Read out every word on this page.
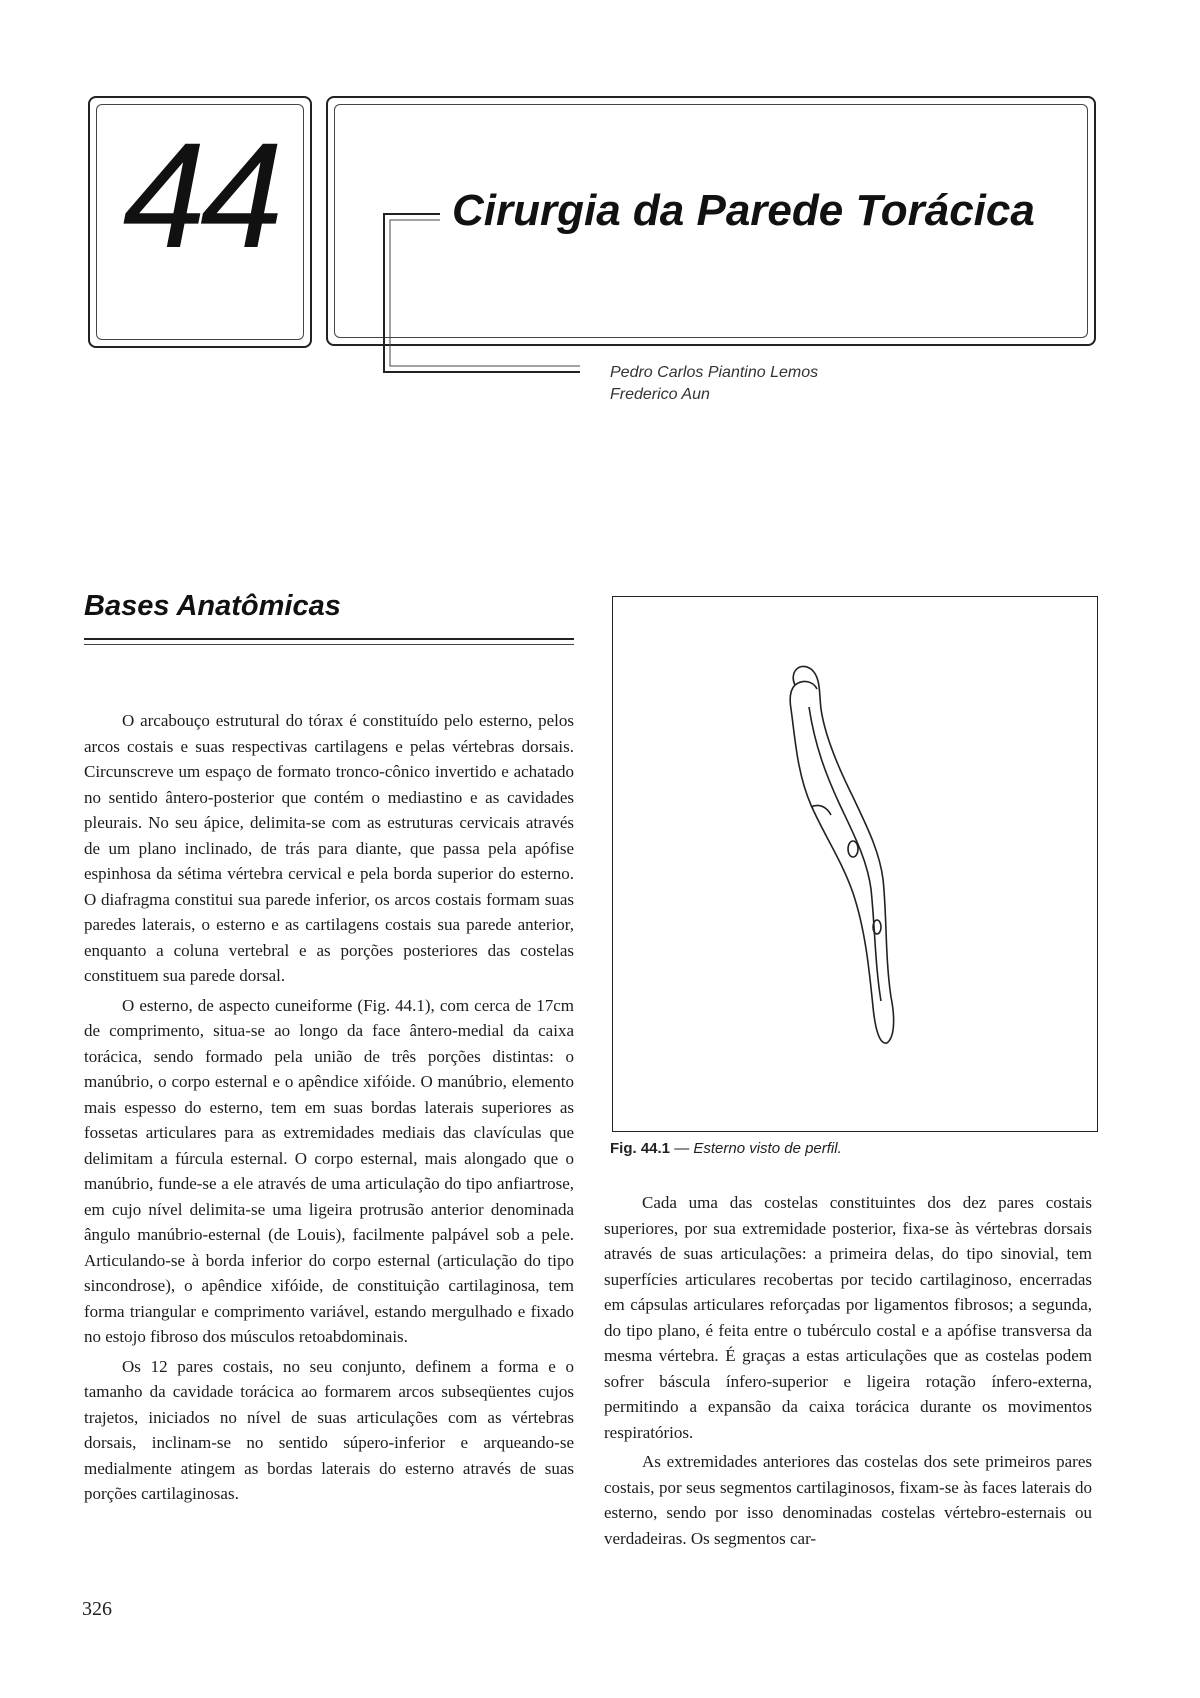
44	Cirurgia da Parede Torácica
Pedro Carlos Piantino Lemos
Frederico Aun
Bases Anatômicas

O arcabouço estrutural do tórax é constituído pelo esterno, pelos arcos costais e suas respectivas cartilagens e pelas vértebras dorsais. Circunscreve um espaço de formato tronco-cônico invertido e achatado no sentido ântero-posterior que contém o mediastino e as cavidades pleurais. No seu ápice, delimita-se com as estruturas cervicais através de um plano inclinado, de trás para diante, que passa pela apófise espinhosa da sétima vértebra cervical e pela borda superior do esterno. O diafragma constitui sua parede inferior, os arcos costais formam suas paredes laterais, o esterno e as cartilagens costais sua parede anterior, enquanto a coluna vertebral e as porções posteriores das costelas constituem sua parede dorsal.

O esterno, de aspecto cuneiforme (Fig. 44.1), com cerca de 17cm de comprimento, situa-se ao longo da face ântero-medial da caixa torácica, sendo formado pela união de três porções distintas: o manúbrio, o corpo esternal e o apêndice xifóide. O manúbrio, elemento mais espesso do esterno, tem em suas bordas laterais superiores as fossetas articulares para as extremidades mediais das clavículas que delimitam a fúrcula esternal. O corpo esternal, mais alongado que o manúbrio, funde-se a ele através de uma articulação do tipo anfiartrose, em cujo nível delimita-se uma ligeira protrusão anterior denominada ângulo manúbrio-esternal (de Louis), facilmente palpável sob a pele. Articulando-se à borda inferior do corpo esternal (articulação do tipo sincondrose), o apêndice xifóide, de constituição cartilaginosa, tem forma triangular e comprimento variável, estando mergulhado e fixado no estojo fibroso dos músculos retoabdominais.

Os 12 pares costais, no seu conjunto, definem a forma e o tamanho da cavidade torácica ao formarem arcos subseqüentes cujos trajetos, iniciados no nível de suas articulações com as vértebras dorsais, inclinam-se no sentido súpero-inferior e arqueando-se medialmente atingem as bordas laterais do esterno através de suas porções cartilaginosas.

Fig. 44.1 — Esterno visto de perfil.

Cada uma das costelas constituintes dos dez pares costais superiores, por sua extremidade posterior, fixa-se às vértebras dorsais através de suas articulações: a primeira delas, do tipo sinovial, tem superfícies articulares recobertas por tecido cartilaginoso, encerradas em cápsulas articulares reforçadas por ligamentos fibrosos; a segunda, do tipo plano, é feita entre o tubérculo costal e a apófise transversa da mesma vértebra. É graças a estas articulações que as costelas podem sofrer báscula ínfero-superior e ligeira rotação ínfero-externa, permitindo a expansão da caixa torácica durante os movimentos respiratórios.

As extremidades anteriores das costelas dos sete primeiros pares costais, por seus segmentos cartilaginosos, fixam-se às faces laterais do esterno, sendo por isso denominadas costelas vértebro-esternais ou verdadeiras. Os segmentos car-

326
